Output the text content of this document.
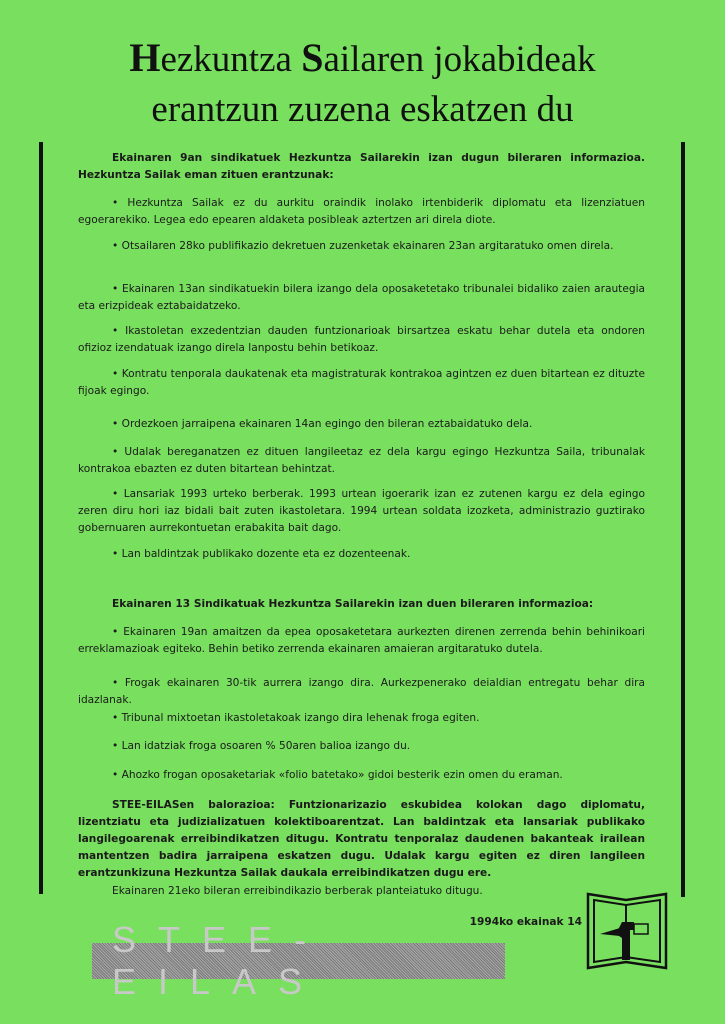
Hezkuntza Sailaren jokabideak
erantzun zuzena eskatzen du
Ekainaren 9an sindikatuek Hezkuntza Sailarekin izan dugun bileraren informazioa. Hezkuntza Sailak eman zituen erantzunak:
• Hezkuntza Sailak ez du aurkitu oraindik inolako irtenbiderik diplomatu eta lizenziatuen egoerarekiko. Legea edo epearen aldaketa posibleak aztertzen ari direla diote.
• Otsailaren 28ko publifikazio dekretuen zuzenketak ekainaren 23an argitaratuko omen direla.
• Ekainaren 13an sindikatuekin bilera izango dela oposaketetako tribunalei bidaliko zaien arautegia eta erizpideak eztabaidatzeko.
• Ikastoletan exzedentzian dauden funtzionarioak birsartzea eskatu behar dutela eta ondoren ofizioz izendatuak izango direla lanpostu behin betikoaz.
• Kontratu tenporala daukatenak eta magistraturak kontrakoa agintzen ez duen bitartean ez dituzte fijoak egingo.
• Ordezkoen jarraipena ekainaren 14an egingo den bileran eztabaidatuko dela.
• Udalak bereganatzen ez dituen langileetaz ez dela kargu egingo Hezkuntza Saila, tribunalak kontrakoa ebazten ez duten bitartean behintzat.
• Lansariak 1993 urteko berberak. 1993 urtean igoerarik izan ez zutenen kargu ez dela egingo zeren diru hori iaz bidali bait zuten ikastoletara. 1994 urtean soldata izozketa, administrazio guztirako gobernuaren aurrekontuetan erabakita bait dago.
• Lan baldintzak publikako dozente eta ez dozenteenak.
Ekainaren 13 Sindikatuak Hezkuntza Sailarekin izan duen bileraren informazioa:
• Ekainaren 19an amaitzen da epea oposaketetara aurkezten direnen zerrenda behin behinikoari erreklamazioak egiteko. Behin betiko zerrenda ekainaren amaieran argitaratuko dutela.
• Frogak ekainaren 30-tik aurrera izango dira. Aurkezpenerako deialdian entregatu behar dira idazlanak.
• Tribunal mixtoetan ikastoletakoak izango dira lehenak froga egiten.
• Lan idatziak froga osoaren % 50aren balioa izango du.
• Ahozko frogan oposaketariak «folio batetako» gidoi besterik ezin omen du eraman.
STEE-EILASen balorazioa: Funtzionarizazio eskubidea kolokan dago diplomatu, lizentziatu eta judizializatuen kolektiboarentzat. Lan baldintzak eta lansariak publikako langilegoarenak erreibindikatzen ditugu. Kontratu tenporalaz daudenen bakanteak irailean mantentzen badira jarraipena eskatzen dugu. Udalak kargu egiten ez diren langileen erantzunkizuna Hezkuntza Sailak daukala erreibindikatzen dugu ere.
Ekainaren 21eko bileran erreibindikazio berberak planteiatuko ditugu.
1994ko ekainak 14
STEE-EILAS
